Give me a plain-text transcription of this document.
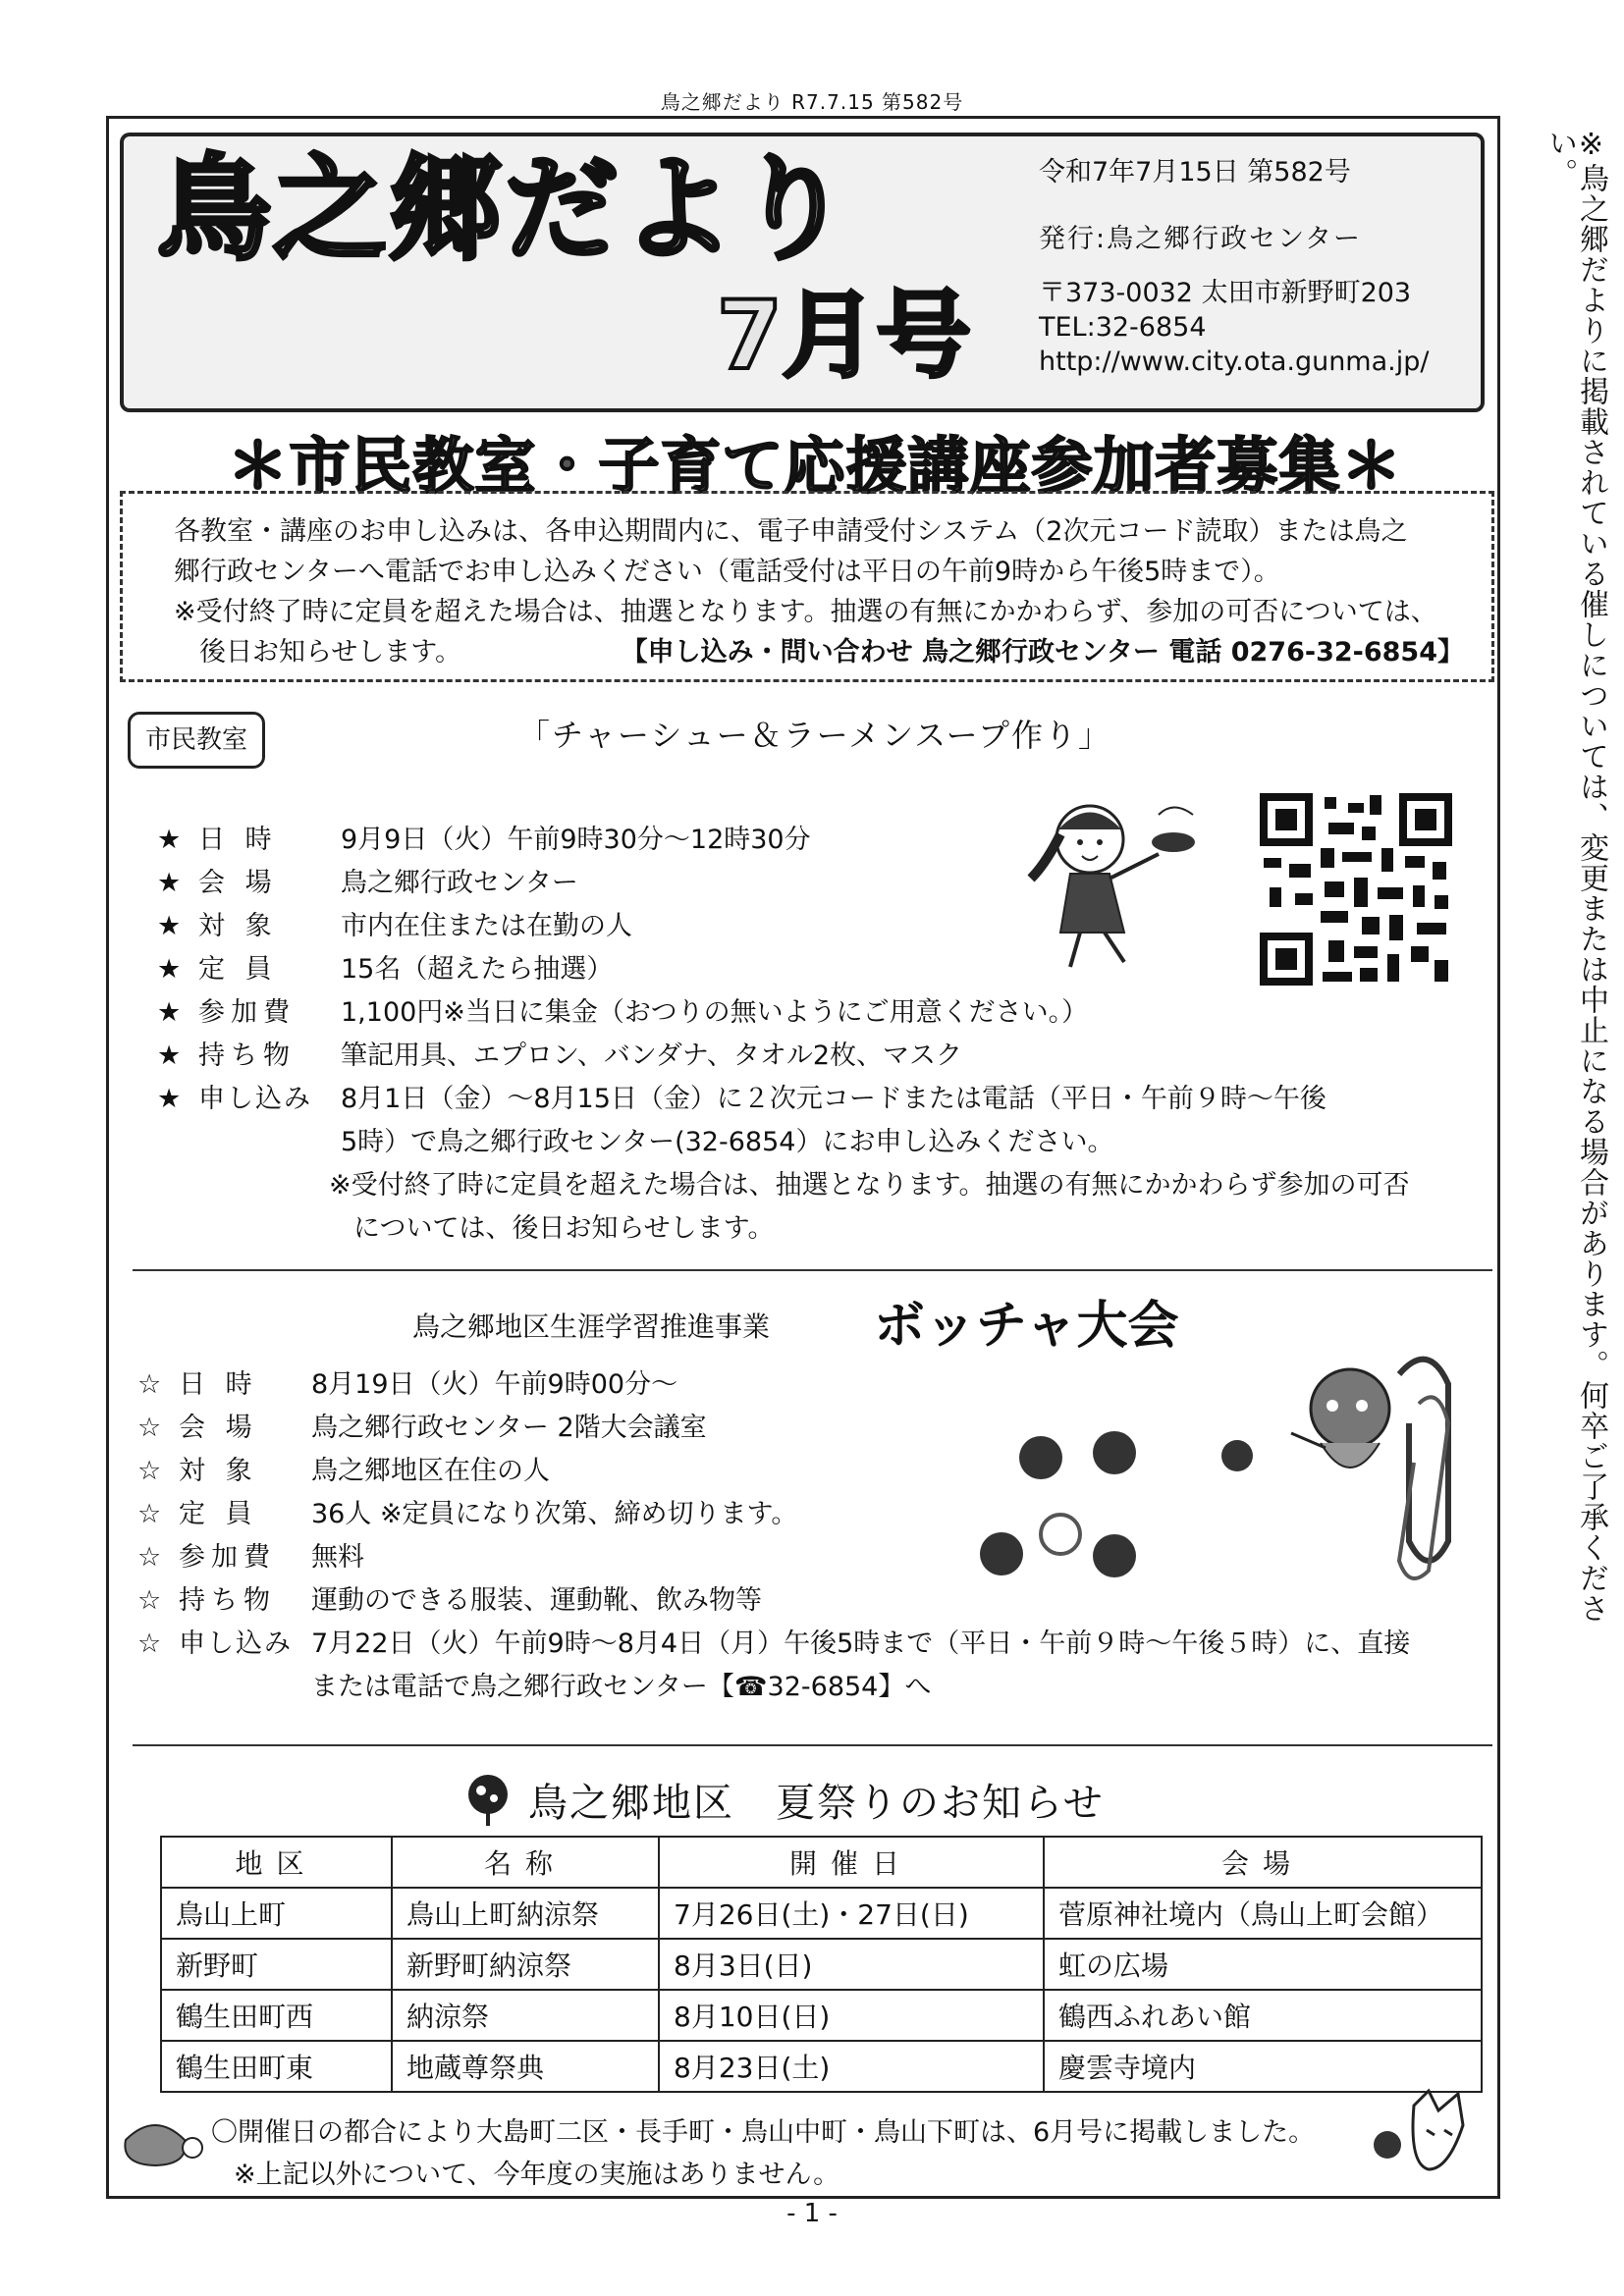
鳥之郷だより R7.7.15 第582号
※鳥之郷だよりに掲載されている催しについては、変更または中止になる場合があります。何卒ご了承ください。
鳥之郷だより
7月号
令和7年7月15日 第582号
発行:鳥之郷行政センター
〒373-0032 太田市新野町203
TEL:32-6854
http://www.city.ota.gunma.jp/
＊市民教室・子育て応援講座参加者募集＊

各教室・講座のお申し込みは、各申込期間内に、電子申請受付システム（2次元コード読取）または鳥之

郷行政センターへ電話でお申し込みください（電話受付は平日の午前9時から午後5時まで）。

※受付終了時に定員を超えた場合は、抽選となります。抽選の有無にかかわらず、参加の可否については、

後日お知らせします。	【申し込み・問い合わせ 鳥之郷行政センター 電話 0276-32-6854】

市民教室	「チャーシュー＆ラーメンスープ作り」
★ 日 時 9月9日（火）午前9時30分～12時30分
★ 会 場 鳥之郷行政センター
★ 対 象 市内在住または在勤の人
★ 定 員 15名（超えたら抽選）
★ 参加費 1,100円※当日に集金（おつりの無いようにご用意ください。）
★ 持ち物 筆記用具、エプロン、バンダナ、タオル2枚、マスク
★ 申し込み 8月1日（金）～8月15日（金）に２次元コードまたは電話（平日・午前９時～午後
5時）で鳥之郷行政センター(32-6854）にお申し込みください。
※受付終了時に定員を超えた場合は、抽選となります。抽選の有無にかかわらず参加の可否
については、後日お知らせします。
鳥之郷地区生涯学習推進事業 ボッチャ大会
☆ 日 時 8月19日（火）午前9時00分～
☆ 会 場 鳥之郷行政センター 2階大会議室
☆ 対 象 鳥之郷地区在住の人
☆ 定 員 36人 ※定員になり次第、締め切ります。
☆ 参加費 無料
☆ 持ち物 運動のできる服装、運動靴、飲み物等
☆ 申し込み 7月22日（火）午前9時～8月4日（月）午後5時まで（平日・午前９時～午後５時）に、直接
または電話で鳥之郷行政センター【☎32-6854】へ
鳥之郷地区　夏祭りのお知らせ
地区	名称	開催日	会場
鳥山上町	鳥山上町納涼祭	7月26日(土)・27日(日)	菅原神社境内（鳥山上町会館）
新野町	新野町納涼祭	8月3日(日)	虹の広場
鶴生田町西	納涼祭	8月10日(日)	鶴西ふれあい館
鶴生田町東	地蔵尊祭典	8月23日(土)	慶雲寺境内
〇開催日の都合により大島町二区・長手町・鳥山中町・鳥山下町は、6月号に掲載しました。
※上記以外について、今年度の実施はありません。
- 1 -
